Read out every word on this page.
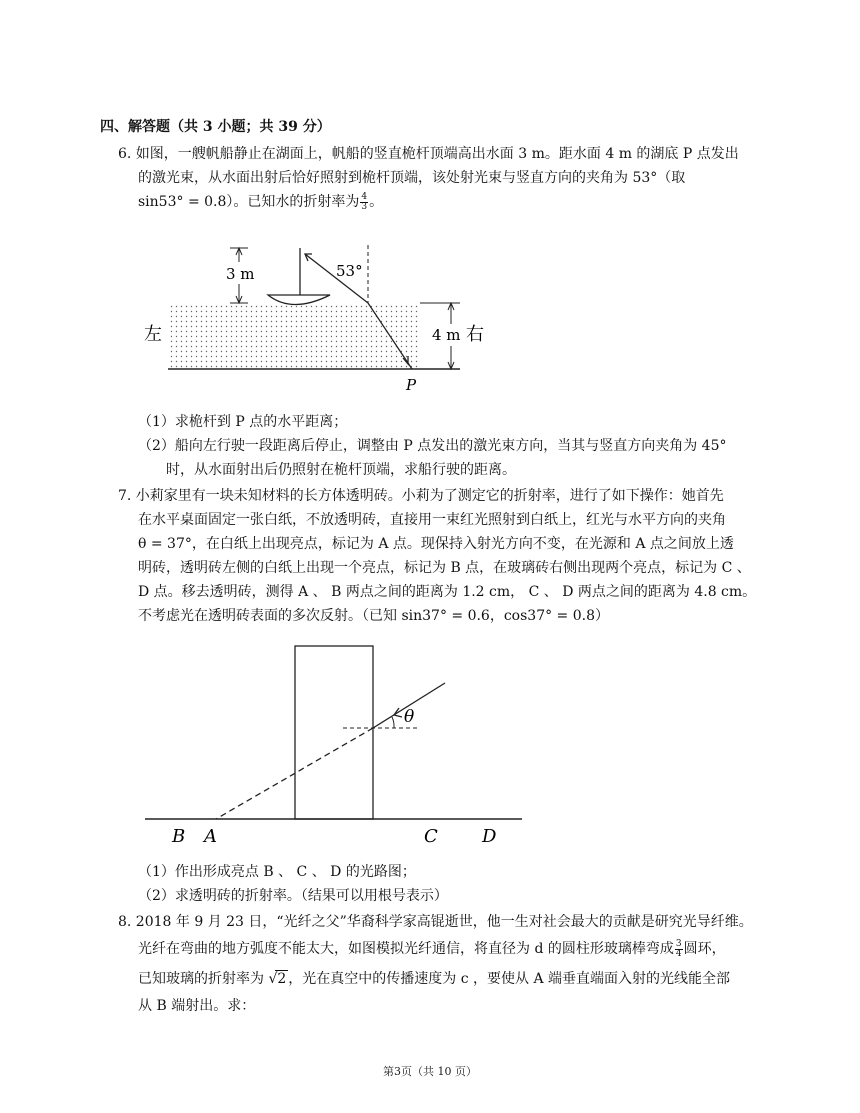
四、解答题（共 3 小题；共 39 分）
6. 如图，一艘帆船静止在湖面上，帆船的竖直桅杆顶端高出水面 3 m。距水面 4 m 的湖底 P 点发出
的激光束，从水面出射后恰好照射到桅杆顶端，该处射光束与竖直方向的夹角为 53°（取
sin53° = 0.8）。已知水的折射率为 $\frac{4}{3}$ 。
3 m	53°
4 m
左	右
P
（1）求桅杆到 P 点的水平距离；
（2）船向左行驶一段距离后停止，调整由 P 点发出的激光束方向，当其与竖直方向夹角为 45°
时，从水面射出后仍照射在桅杆顶端，求船行驶的距离。
7. 小莉家里有一块未知材料的长方体透明砖。小莉为了测定它的折射率，进行了如下操作：她首先
在水平桌面固定一张白纸，不放透明砖，直接用一束红光照射到白纸上，红光与水平方向的夹角
θ = 37°，在白纸上出现亮点，标记为 A 点。现保持入射光方向不变，在光源和 A 点之间放上透
明砖，透明砖左侧的白纸上出现一个亮点，标记为 B 点，在玻璃砖右侧出现两个亮点，标记为 C 、
D 点。移去透明砖，测得 A 、 B 两点之间的距离为 1.2 cm， C 、 D 两点之间的距离为 4.8 cm。
不考虑光在透明砖表面的多次反射。（已知 sin37° = 0.6，cos37° = 0.8）
θ
B A	C D
（1）作出形成亮点 B 、 C 、 D 的光路图；
（2）求透明砖的折射率。（结果可以用根号表示）
8. 2018 年 9 月 23 日，“光纤之父”华裔科学家高锟逝世，他一生对社会最大的贡献是研究光导纤维。
光纤在弯曲的地方弧度不能太大，如图模拟光纤通信，将直径为 d 的圆柱形玻璃棒弯成 $\frac{3}{4}$ 圆环，
已知玻璃的折射率为 √2 ，光在真空中的传播速度为 c ，要使从 A 端垂直端面入射的光线能全部
从 B 端射出。求：
第3页（共 10 页）
